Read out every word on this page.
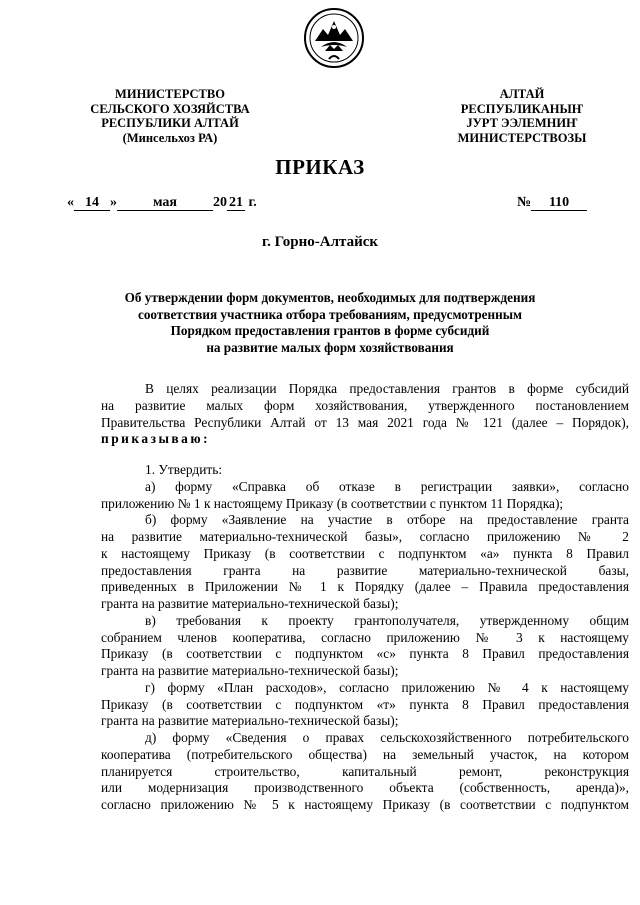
МИНИСТЕРСТВО
СЕЛЬСКОГО ХОЗЯЙСТВА
РЕСПУБЛИКИ АЛТАЙ
(Минсельхоз РА)
АЛТАЙ
РЕСПУБЛИКАНЫҤ
ЈУРТ ЭЭЛЕМНИҤ
МИНИСТЕРСТВОЗЫ
ПРИКАЗ
« 14 »	мая	20 21 г.	№ 110
г. Горно-Алтайск
Об утверждении форм документов, необходимых для подтверждения
соответствия участника отбора требованиям, предусмотренным
Порядком предоставления грантов в форме субсидий
на развитие малых форм хозяйствования
В целях реализации Порядка предоставления грантов в форме субсидий
на развитие малых форм хозяйствования, утвержденного постановлением
Правительства Республики Алтай от 13 мая 2021 года № 121 (далее – Порядок),
приказываю:
1. Утвердить:
а) форму «Справка об отказе в регистрации заявки», согласно
приложению № 1 к настоящему Приказу (в соответствии с пунктом 11 Порядка);
б) форму «Заявление на участие в отборе на предоставление гранта
на развитие материально-технической базы», согласно приложению № 2
к настоящему Приказу (в соответствии с подпунктом «а» пункта 8 Правил
предоставления гранта на развитие материально-технической базы,
приведенных в Приложении № 1 к Порядку (далее – Правила предоставления
гранта на развитие материально-технической базы);
в) требования к проекту грантополучателя, утвержденному общим
собранием членов кооператива, согласно приложению № 3 к настоящему
Приказу (в соответствии с подпунктом «с» пункта 8 Правил предоставления
гранта на развитие материально-технической базы);
г) форму «План расходов», согласно приложению № 4 к настоящему
Приказу (в соответствии с подпунктом «т» пункта 8 Правил предоставления
гранта на развитие материально-технической базы);
д) форму «Сведения о правах сельскохозяйственного потребительского
кооператива (потребительского общества) на земельный участок, на котором
планируется строительство, капитальный ремонт, реконструкция
или модернизация производственного объекта (собственность, аренда)»,
согласно приложению № 5 к настоящему Приказу (в соответствии с подпунктом
